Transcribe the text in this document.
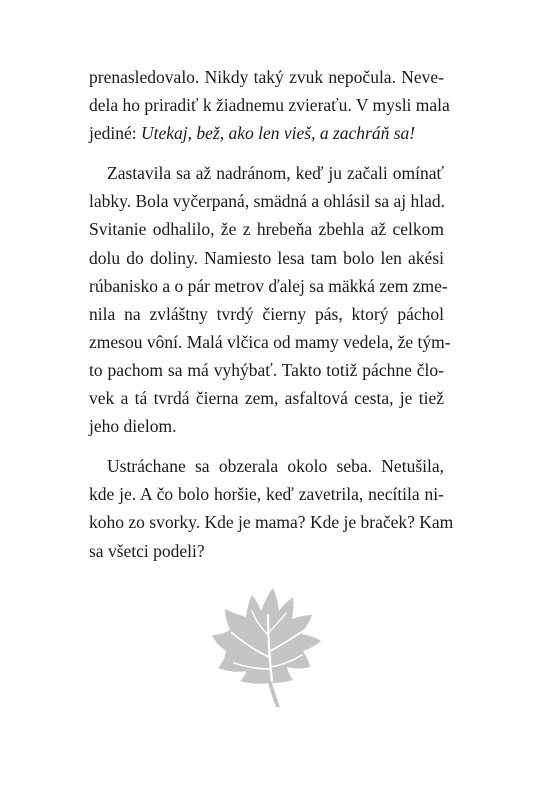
prenasledovalo. Nikdy taký zvuk nepočula. Neve-
dela ho priradiť k žiadnemu zvieraťu. V mysli mala
jediné: Utekaj, bež, ako len vieš, a zachráň sa!
Zastavila sa až nadránom, keď ju začali omínať
labky. Bola vyčerpaná, smädná a ohlásil sa aj hlad.
Svitanie odhalilo, že z hrebeňa zbehla až celkom
dolu do doliny. Namiesto lesa tam bolo len akési
rúbanisko a o pár metrov ďalej sa mäkká zem zme-
nila na zvláštny tvrdý čierny pás, ktorý páchol
zmesou vôní. Malá vlčica od mamy vedela, že tým-
to pachom sa má vyhýbať. Takto totiž páchne člo-
vek a tá tvrdá čierna zem, asfaltová cesta, je tiež
jeho dielom.
Ustráchane sa obzerala okolo seba. Netušila,
kde je. A čo bolo horšie, keď zavetrila, necítila ni-
koho zo svorky. Kde je mama? Kde je braček? Kam
sa všetci podeli?
